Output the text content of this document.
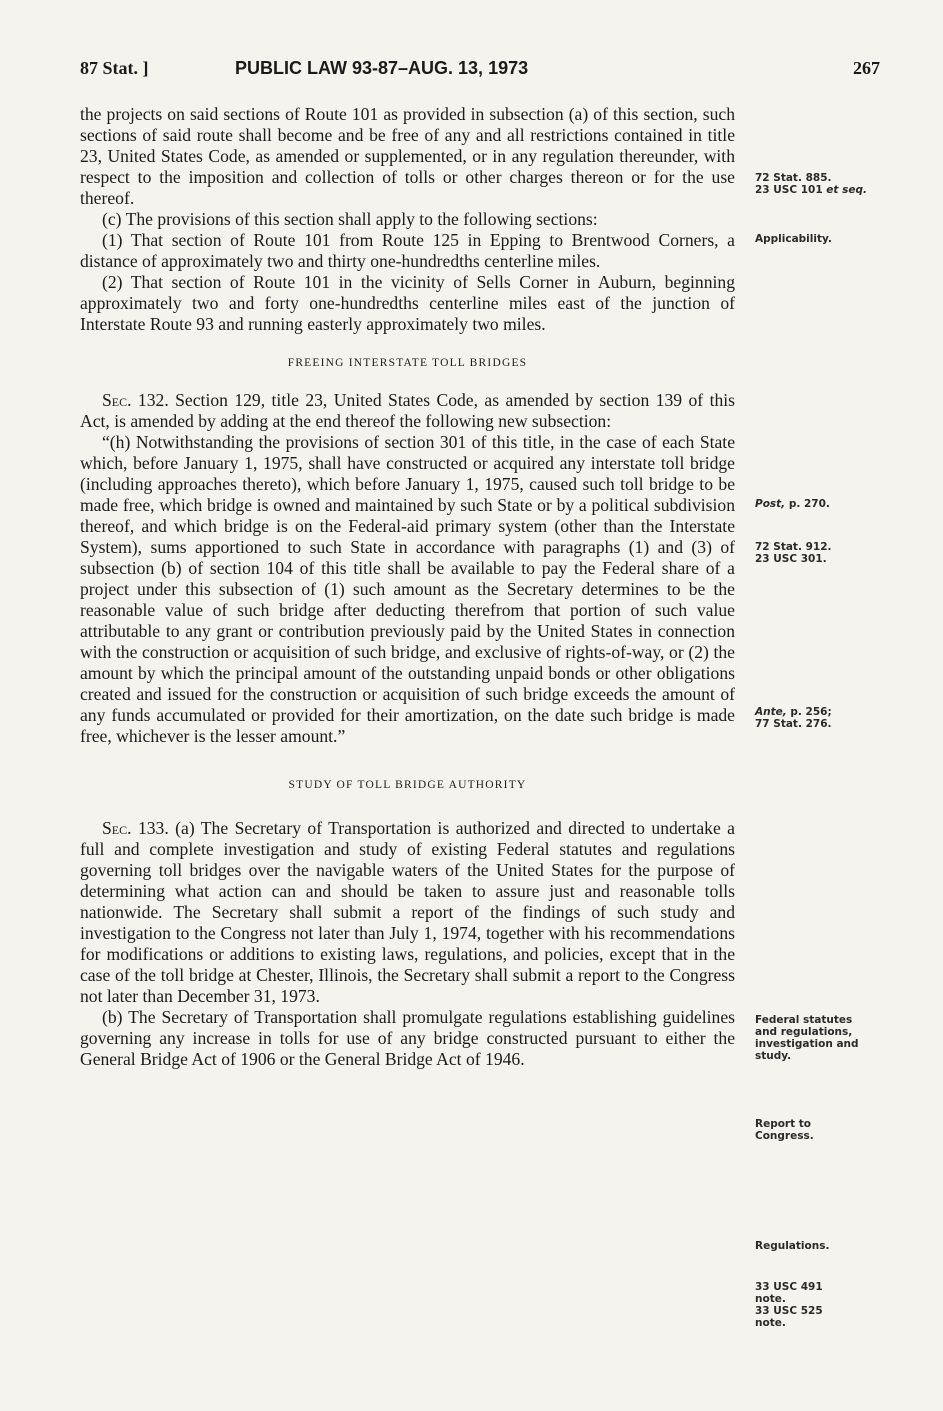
87 Stat. ]	PUBLIC LAW 93-87–AUG. 13, 1973	267

the projects on said sections of Route 101 as provided in subsection (a) of this section, such sections of said route shall become and be free of any and all restrictions contained in title 23, United States Code, as amended or supplemented, or in any regulation thereunder, with respect to the imposition and collection of tolls or other charges thereon or for the use thereof.

(c) The provisions of this section shall apply to the following sections:

(1) That section of Route 101 from Route 125 in Epping to Brentwood Corners, a distance of approximately two and thirty one-hundredths centerline miles.

(2) That section of Route 101 in the vicinity of Sells Corner in Auburn, beginning approximately two and forty one-hundredths centerline miles east of the junction of Interstate Route 93 and running easterly approximately two miles.

FREEING INTERSTATE TOLL BRIDGES

Sec. 132. Section 129, title 23, United States Code, as amended by section 139 of this Act, is amended by adding at the end thereof the following new subsection:

“(h) Notwithstanding the provisions of section 301 of this title, in the case of each State which, before January 1, 1975, shall have constructed or acquired any interstate toll bridge (including approaches thereto), which before January 1, 1975, caused such toll bridge to be made free, which bridge is owned and maintained by such State or by a political subdivision thereof, and which bridge is on the Federal-aid primary system (other than the Interstate System), sums apportioned to such State in accordance with paragraphs (1) and (3) of subsection (b) of section 104 of this title shall be available to pay the Federal share of a project under this subsection of (1) such amount as the Secretary determines to be the reasonable value of such bridge after deducting therefrom that portion of such value attributable to any grant or contribution previously paid by the United States in connection with the construction or acquisition of such bridge, and exclusive of rights-of-way, or (2) the amount by which the principal amount of the outstanding unpaid bonds or other obligations created and issued for the construction or acquisition of such bridge exceeds the amount of any funds accumulated or provided for their amortization, on the date such bridge is made free, whichever is the lesser amount.”

STUDY OF TOLL BRIDGE AUTHORITY

Sec. 133. (a) The Secretary of Transportation is authorized and directed to undertake a full and complete investigation and study of existing Federal statutes and regulations governing toll bridges over the navigable waters of the United States for the purpose of determining what action can and should be taken to assure just and reasonable tolls nationwide. The Secretary shall submit a report of the findings of such study and investigation to the Congress not later than July 1, 1974, together with his recommendations for modifications or additions to existing laws, regulations, and policies, except that in the case of the toll bridge at Chester, Illinois, the Secretary shall submit a report to the Congress not later than December 31, 1973.

(b) The Secretary of Transportation shall promulgate regulations establishing guidelines governing any increase in tolls for use of any bridge constructed pursuant to either the General Bridge Act of 1906 or the General Bridge Act of 1946.

72 Stat. 885.
23 USC 101 et seq.
Applicability.
Post, p. 270.
72 Stat. 912.
23 USC 301.
Ante, p. 256;
77 Stat. 276.
Federal statutes and regulations, investigation and study.
Report to Congress.
Regulations.
33 USC 491 note.
33 USC 525 note.
